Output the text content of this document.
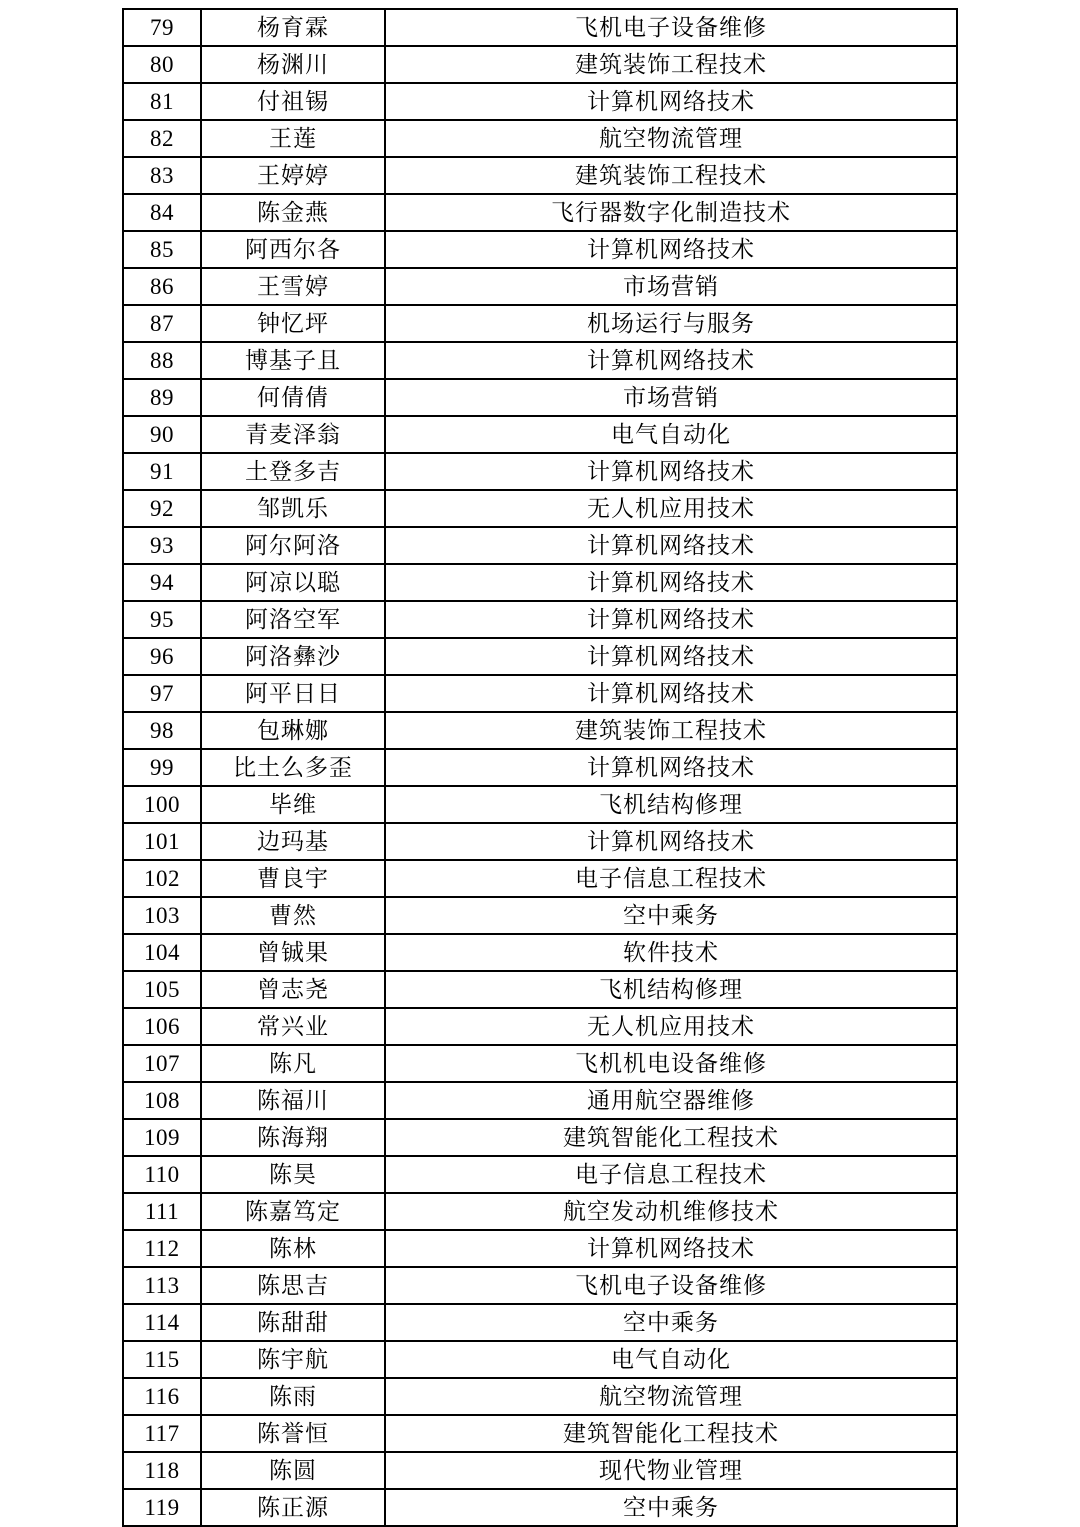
79	杨育霖	飞机电子设备维修
80	杨渊川	建筑装饰工程技术
81	付祖锡	计算机网络技术
82	王莲	航空物流管理
83	王婷婷	建筑装饰工程技术
84	陈金燕	飞行器数字化制造技术
85	阿西尔各	计算机网络技术
86	王雪婷	市场营销
87	钟忆坪	机场运行与服务
88	博基子且	计算机网络技术
89	何倩倩	市场营销
90	青麦泽翁	电气自动化
91	土登多吉	计算机网络技术
92	邹凯乐	无人机应用技术
93	阿尔阿洛	计算机网络技术
94	阿凉以聪	计算机网络技术
95	阿洛空军	计算机网络技术
96	阿洛彝沙	计算机网络技术
97	阿平日日	计算机网络技术
98	包琳娜	建筑装饰工程技术
99	比土么多歪	计算机网络技术
100	毕维	飞机结构修理
101	边玛基	计算机网络技术
102	曹良宇	电子信息工程技术
103	曹然	空中乘务
104	曾铖果	软件技术
105	曾志尧	飞机结构修理
106	常兴业	无人机应用技术
107	陈凡	飞机机电设备维修
108	陈福川	通用航空器维修
109	陈海翔	建筑智能化工程技术
110	陈昊	电子信息工程技术
111	陈嘉笃定	航空发动机维修技术
112	陈林	计算机网络技术
113	陈思吉	飞机电子设备维修
114	陈甜甜	空中乘务
115	陈宇航	电气自动化
116	陈雨	航空物流管理
117	陈誉恒	建筑智能化工程技术
118	陈圆	现代物业管理
119	陈正源	空中乘务
